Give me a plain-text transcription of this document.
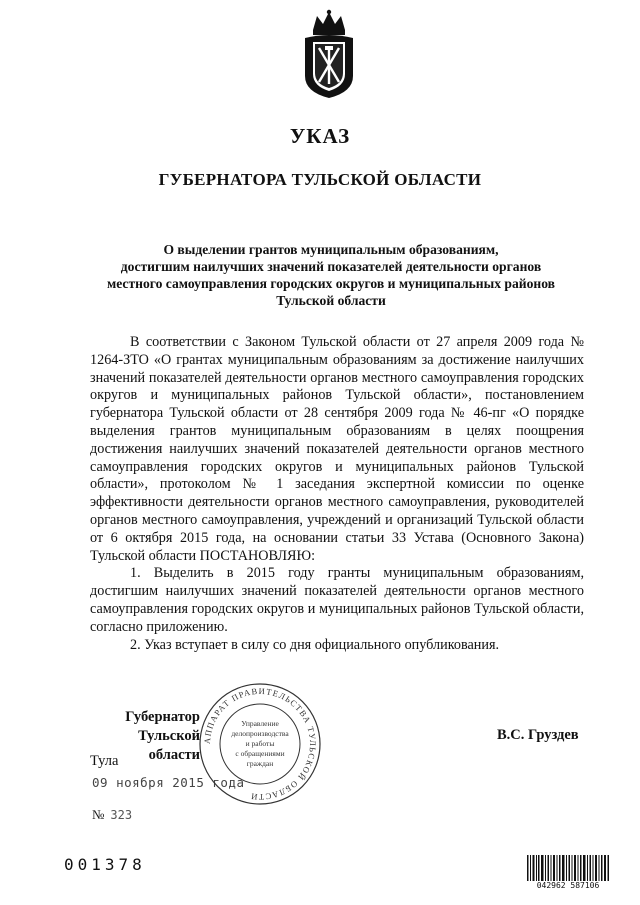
УКАЗ
ГУБЕРНАТОРА ТУЛЬСКОЙ ОБЛАСТИ
О выделении грантов муниципальным образованиям,
достигшим наилучших значений показателей деятельности органов
местного самоуправления городских округов и муниципальных районов
Тульской области

В соответствии с Законом Тульской области от 27 апреля 2009 года № 1264-ЗТО «О грантах муниципальным образованиям за достижение наилучших значений показателей деятельности органов местного самоуправления городских округов и муниципальных районов Тульской области», постановлением губернатора Тульской области от 28 сентября 2009 года № 46-пг «О порядке выделения грантов муниципальным образованиям в целях поощрения достижения наилучших значений показателей деятельности органов местного самоуправления городских округов и муниципальных районов Тульской области», протоколом № 1 заседания экспертной комиссии по оценке эффективности деятельности органов местного самоуправления, руководителей органов местного самоуправления, учреждений и организаций Тульской области от 6 октября 2015 года, на основании статьи 33 Устава (Основного Закона) Тульской области ПОСТАНОВЛЯЮ:

1. Выделить в 2015 году гранты муниципальным образованиям, достигшим наилучших значений показателей деятельности органов местного самоуправления городских округов и муниципальных районов Тульской области, согласно приложению.

2. Указ вступает в силу со дня официального опубликования.

Губернатор
Тульской области
В.С. Груздев
Тула
09 ноября 2015 года
№ 323
АППАРАТ ПРАВИТЕЛЬСТВА ТУЛЬСКОЙ ОБЛАСТИ
Управление
делопроизводства
и работы
с обращениями
граждан
001378
042962 587106
